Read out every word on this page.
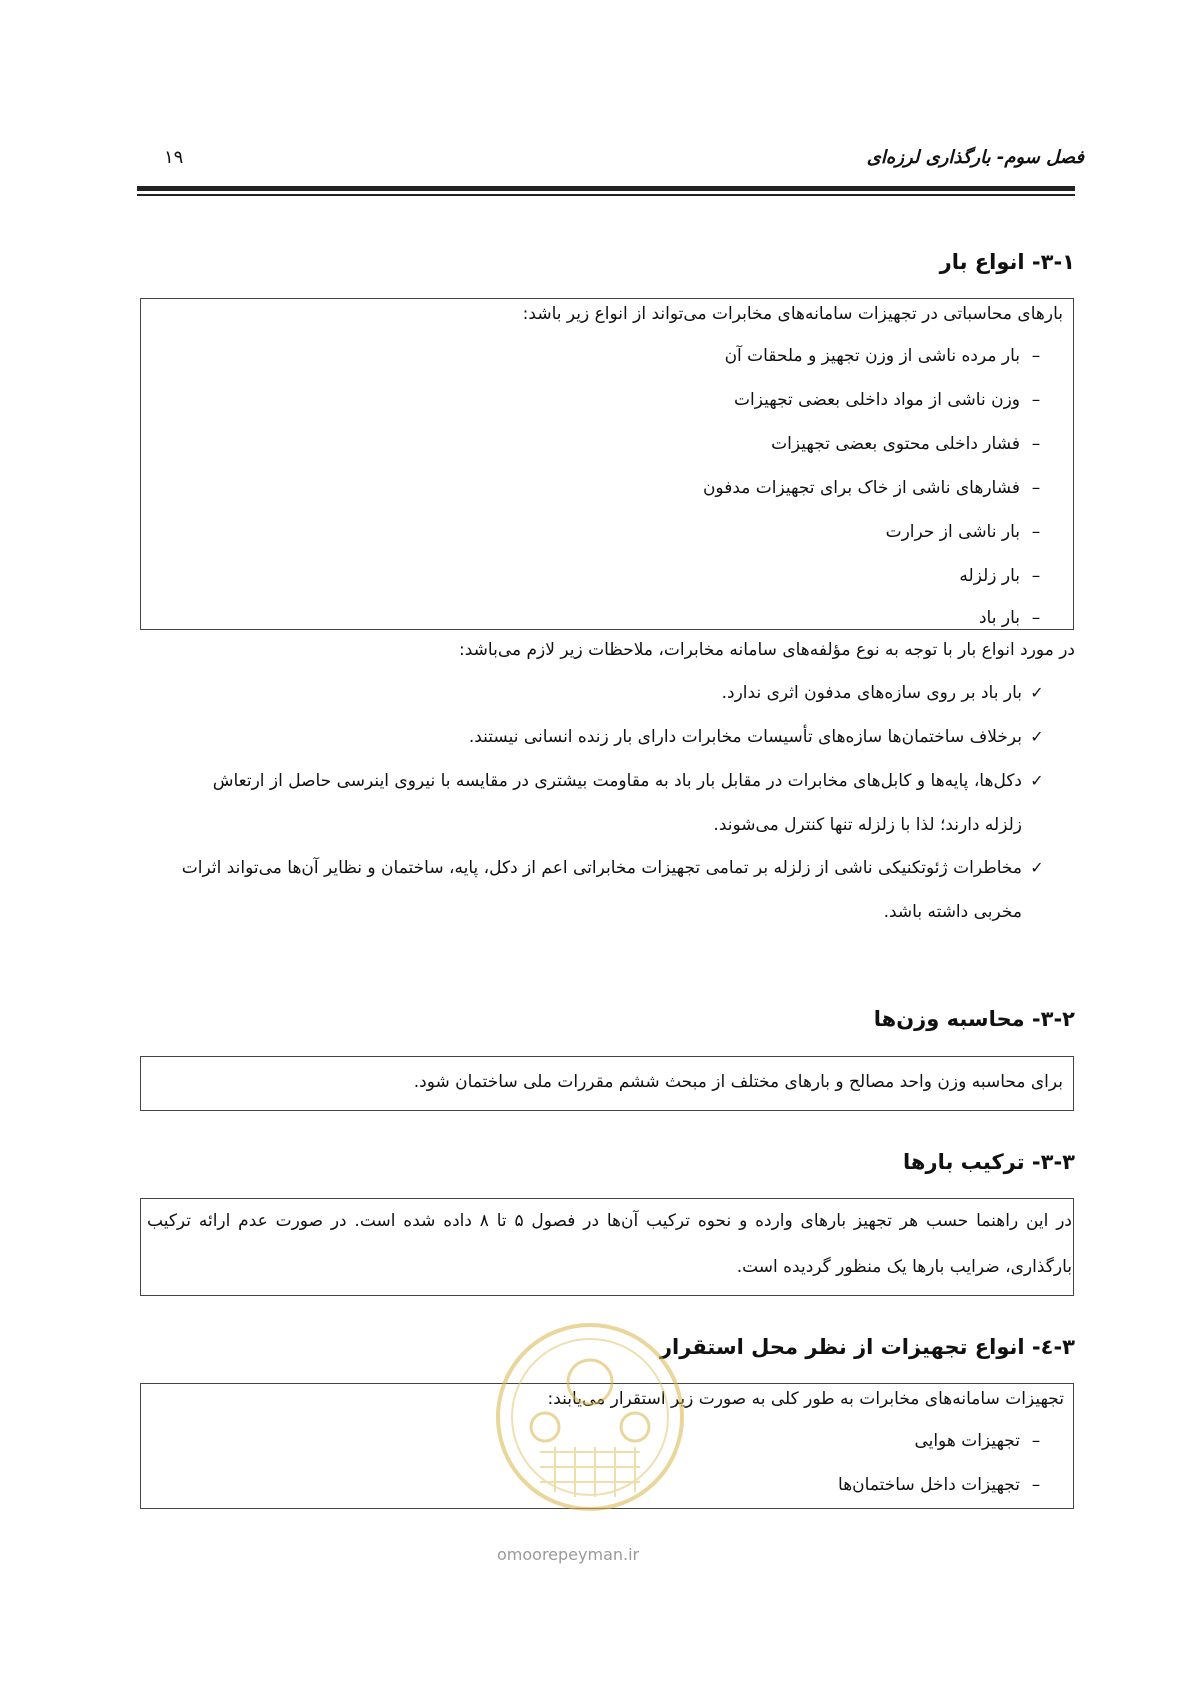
فصل سوم- بارگذاری لرزه‌ای
۱۹
۳-۱- انواع بار
بارهای محاسباتی در تجهیزات سامانه‌های مخابرات می‌تواند از انواع زیر باشد:
–بار مرده ناشی از وزن تجهیز و ملحقات آن
–وزن ناشی از مواد داخلی بعضی تجهیزات
–فشار داخلی محتوی بعضی تجهیزات
–فشارهای ناشی از خاک برای تجهیزات مدفون
–بار ناشی از حرارت
–بار زلزله
–بار باد
در مورد انواع بار با توجه به نوع مؤلفه‌های سامانه مخابرات، ملاحظات زیر لازم می‌باشد:
✓بار باد بر روی سازه‌های مدفون اثری ندارد.
✓برخلاف ساختمان‌ها سازه‌های تأسیسات مخابرات دارای بار زنده انسانی نیستند.
✓دکل‌ها، پایه‌ها و کابل‌های مخابرات در مقابل بار باد به مقاومت بیشتری در مقایسه با نیروی اینرسی حاصل از ارتعاش
زلزله دارند؛ لذا با زلزله تنها کنترل می‌شوند.
✓مخاطرات ژئوتکنیکی ناشی از زلزله بر تمامی تجهیزات مخابراتی اعم از دکل، پایه، ساختمان و نظایر آن‌ها می‌تواند اثرات
مخربی داشته باشد.
۳-۲- محاسبه وزن‌ها
برای محاسبه وزن واحد مصالح و بارهای مختلف از مبحث ششم مقررات ملی ساختمان شود.
۳-۳- ترکیب بارها
در این راهنما حسب هر تجهیز بارهای وارده و نحوه ترکیب آن‌ها در فصول ۵ تا ۸ داده شده است. در صورت عدم ارائه ترکیب
بارگذاری، ضرایب بارها یک منظور گردیده است.
۳-٤- انواع تجهیزات از نظر محل استقرار
تجهیزات سامانه‌های مخابرات به طور کلی به صورت زیر استقرار می‌یابند:
–تجهیزات هوایی
–تجهیزات داخل ساختمان‌ها
omoorepeyman.ir
